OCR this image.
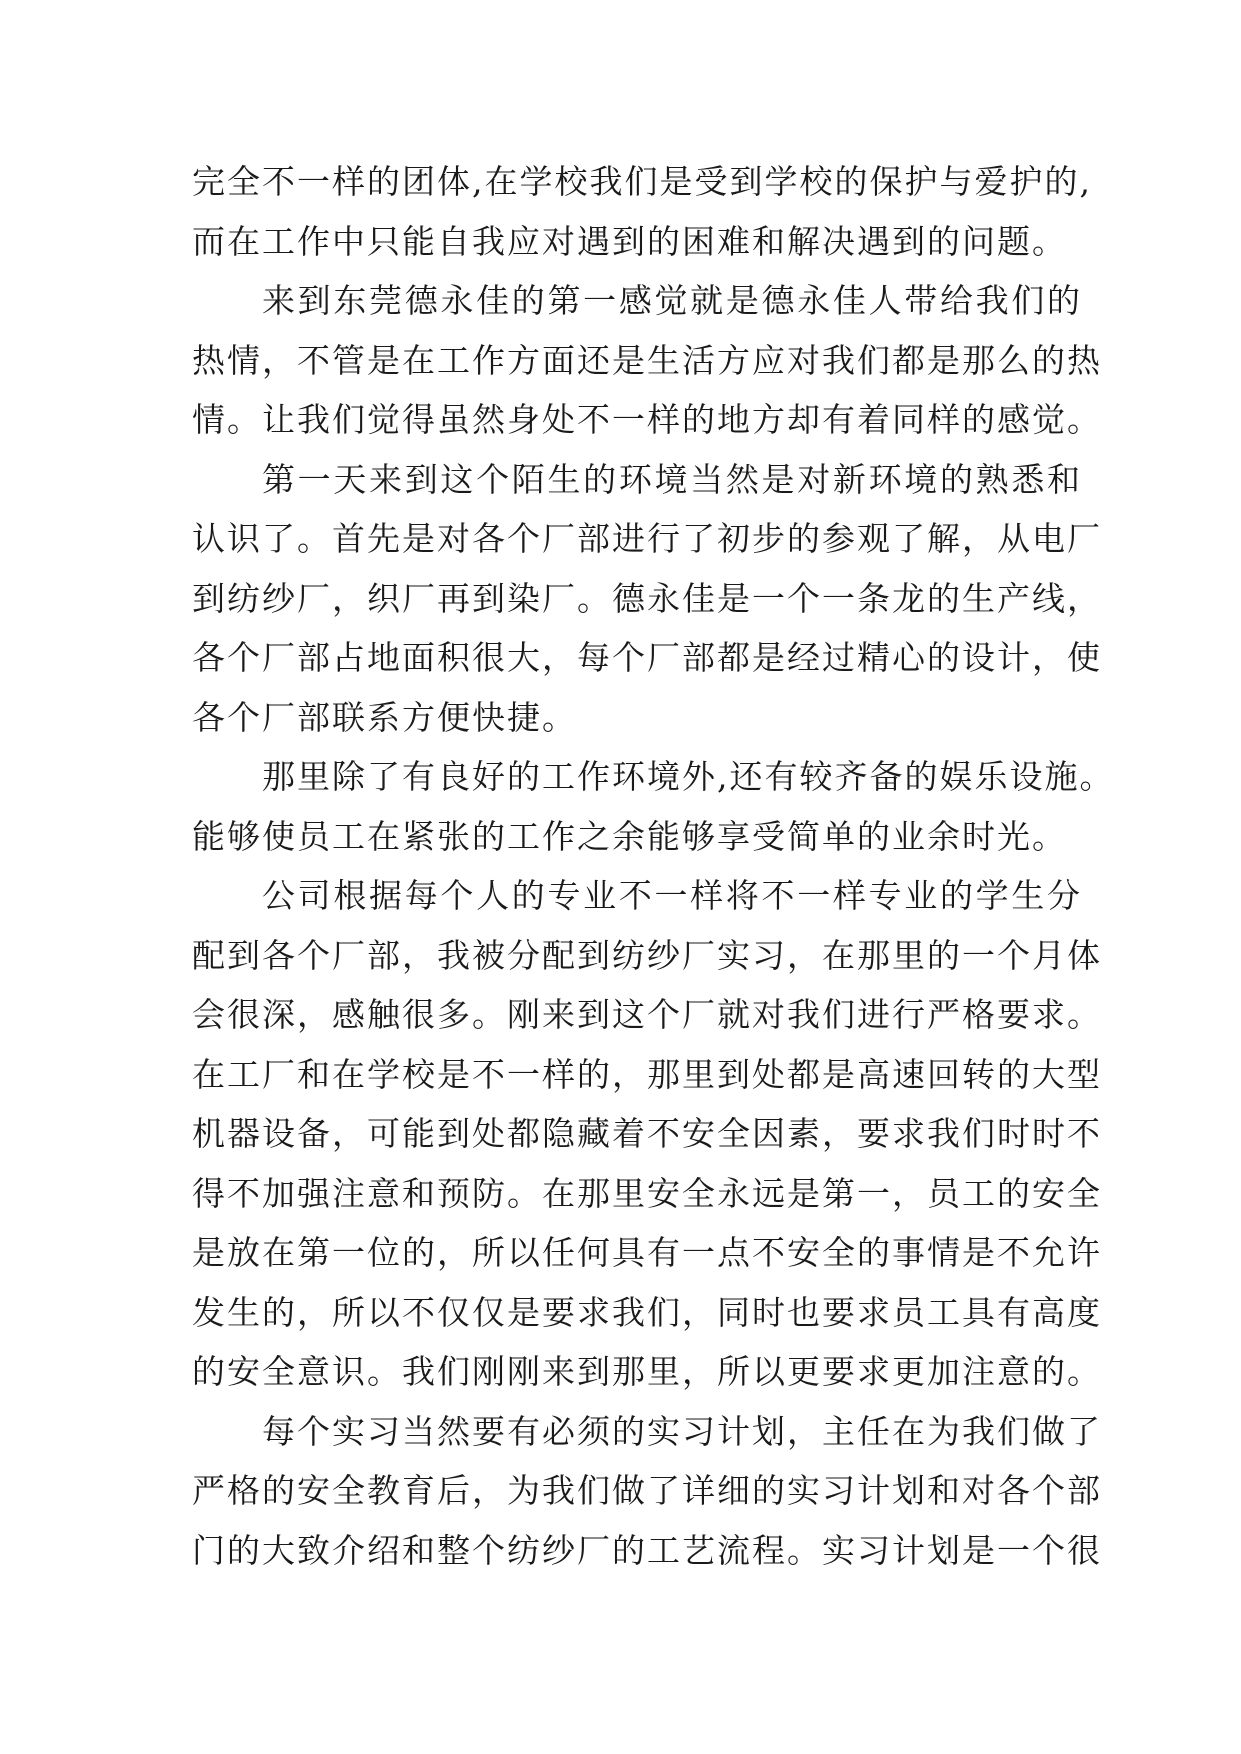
完全不一样的团体,在学校我们是受到学校的保护与爱护的,
而在工作中只能自我应对遇到的困难和解决遇到的问题。
来到东莞德永佳的第一感觉就是德永佳人带给我们的
热情，不管是在工作方面还是生活方应对我们都是那么的热
情。让我们觉得虽然身处不一样的地方却有着同样的感觉。
第一天来到这个陌生的环境当然是对新环境的熟悉和
认识了。首先是对各个厂部进行了初步的参观了解，从电厂
到纺纱厂，织厂再到染厂。德永佳是一个一条龙的生产线，
各个厂部占地面积很大，每个厂部都是经过精心的设计，使
各个厂部联系方便快捷。
那里除了有良好的工作环境外,还有较齐备的娱乐设施。
能够使员工在紧张的工作之余能够享受简单的业余时光。
公司根据每个人的专业不一样将不一样专业的学生分
配到各个厂部，我被分配到纺纱厂实习，在那里的一个月体
会很深，感触很多。刚来到这个厂就对我们进行严格要求。
在工厂和在学校是不一样的，那里到处都是高速回转的大型
机器设备，可能到处都隐藏着不安全因素，要求我们时时不
得不加强注意和预防。在那里安全永远是第一，员工的安全
是放在第一位的，所以任何具有一点不安全的事情是不允许
发生的，所以不仅仅是要求我们，同时也要求员工具有高度
的安全意识。我们刚刚来到那里，所以更要求更加注意的。
每个实习当然要有必须的实习计划，主任在为我们做了
严格的安全教育后，为我们做了详细的实习计划和对各个部
门的大致介绍和整个纺纱厂的工艺流程。实习计划是一个很
